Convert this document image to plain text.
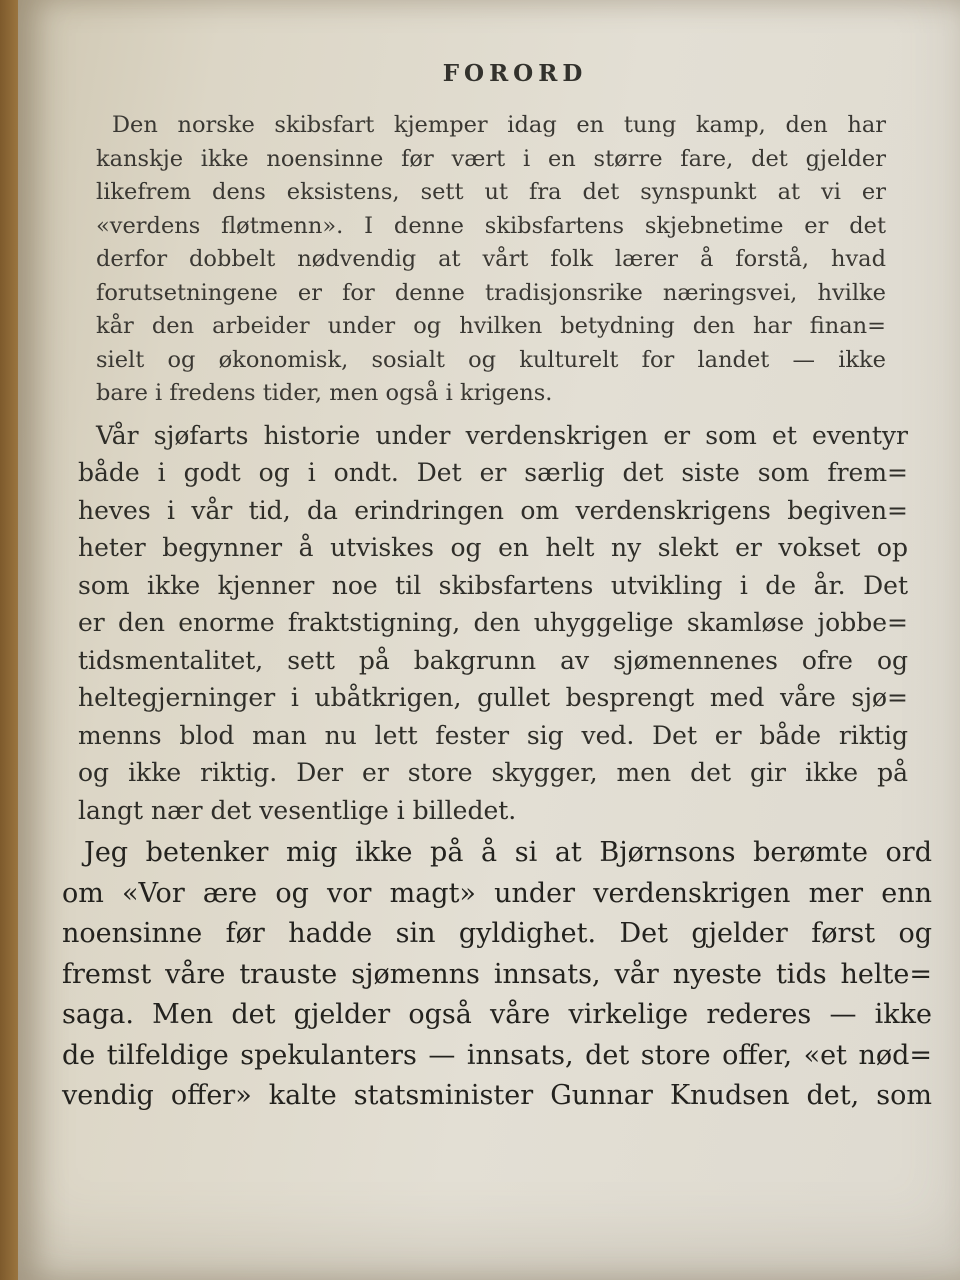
FORORD
Den norske skibsfart kjemper idag en tung kamp, den har
kanskje ikke noensinne før vært i en større fare, det gjelder
likefrem dens eksistens, sett ut fra det synspunkt at vi er
«verdens fløtmenn». I denne skibsfartens skjebnetime er det
derfor dobbelt nødvendig at vårt folk lærer å forstå, hvad
forutsetningene er for denne tradisjonsrike næringsvei, hvilke
kår den arbeider under og hvilken betydning den har finan=
sielt og økonomisk, sosialt og kulturelt for landet — ikke
bare i fredens tider, men også i krigens.
Vår sjøfarts historie under verdenskrigen er som et eventyr
både i godt og i ondt. Det er særlig det siste som frem=
heves i vår tid, da erindringen om verdenskrigens begiven=
heter begynner å utviskes og en helt ny slekt er vokset op
som ikke kjenner noe til skibsfartens utvikling i de år. Det
er den enorme fraktstigning, den uhyggelige skamløse jobbe=
tidsmentalitet, sett på bakgrunn av sjømennenes ofre og
heltegjerninger i ubåtkrigen, gullet besprengt med våre sjø=
menns blod man nu lett fester sig ved. Det er både riktig
og ikke riktig. Der er store skygger, men det gir ikke på
langt nær det vesentlige i billedet.
Jeg betenker mig ikke på å si at Bjørnsons berømte ord
om «Vor ære og vor magt» under verdenskrigen mer enn
noensinne før hadde sin gyldighet. Det gjelder først og
fremst våre trauste sjømenns innsats, vår nyeste tids helte=
saga. Men det gjelder også våre virkelige rederes — ikke
de tilfeldige spekulanters — innsats, det store offer, «et nød=
vendig offer» kalte statsminister Gunnar Knudsen det, som
